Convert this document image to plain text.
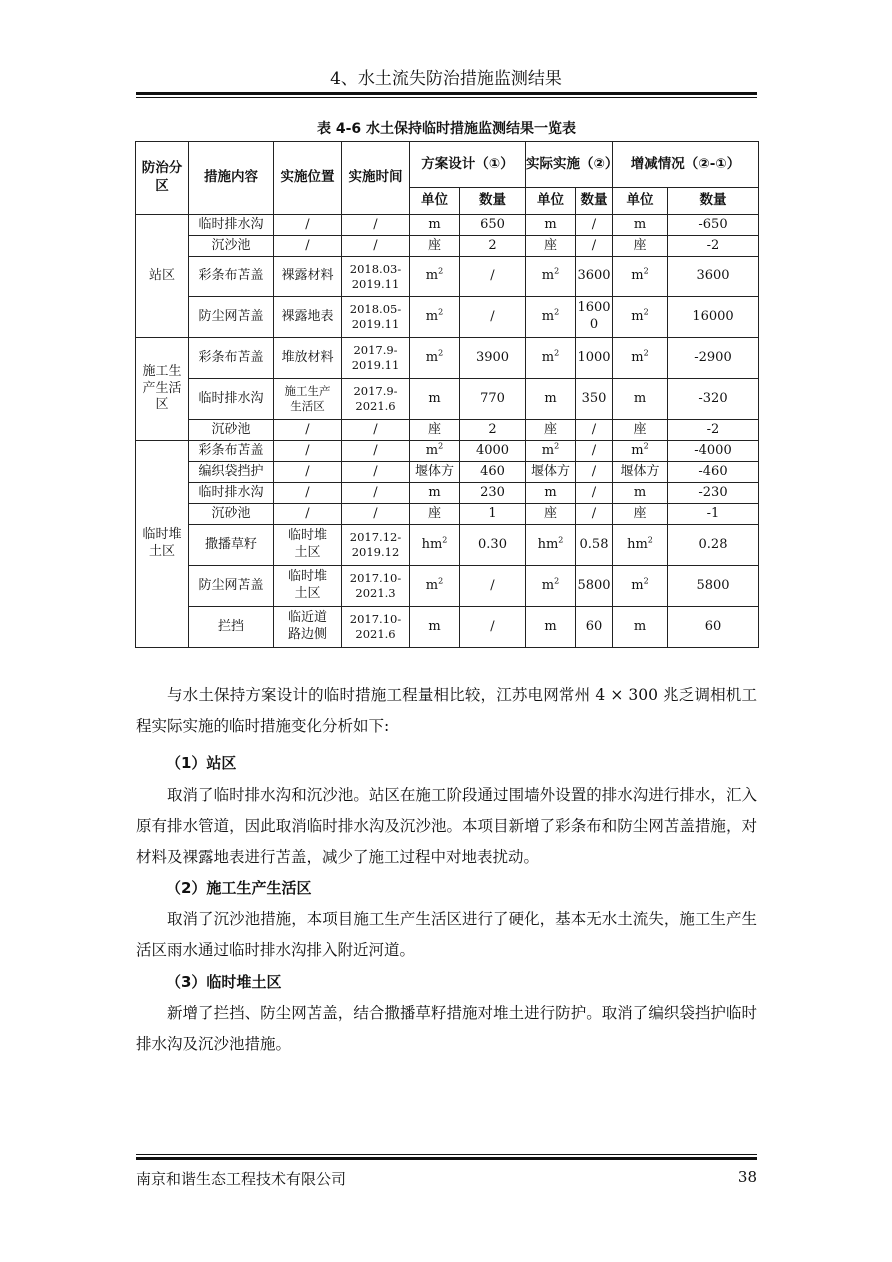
4、水土流失防治措施监测结果
表 4-6 水土保持临时措施监测结果一览表
防治分区	措施内容	实施位置	实施时间	方案设计（①）		实际实施（②）		增减情况（②-①）	
				单位	数量	单位	数量	单位	数量
站区	临时排水沟	/	/	m	650	m	/	m	-650
	沉沙池	/	/	座	2	座	/	座	-2
	彩条布苫盖	裸露材料	2018.03-2019.11	$m^2$	/	$m^2$	3600	$m^2$	3600
	防尘网苫盖	裸露地表	2018.05-2019.11	$m^2$	/	$m^2$	16000	$m^2$	16000
施工生产生活区	彩条布苫盖	堆放材料	2017.9-2019.11	$m^2$	3900	$m^2$	1000	$m^2$	-2900
	临时排水沟	施工生产生活区	2017.9-2021.6	m	770	m	350	m	-320
	沉砂池	/	/	座	2	座	/	座	-2
临时堆土区	彩条布苫盖	/	/	$m^2$	4000	$m^2$	/	$m^2$	-4000
	编织袋挡护	/	/	堰体方	460	堰体方	/	堰体方	-460
	临时排水沟	/	/	m	230	m	/	m	-230
	沉砂池	/	/	座	1	座	/	座	-1
	撒播草籽	临时堆土区	2017.12-2019.12	$hm^2$	0.30	$hm^2$	0.58	$hm^2$	0.28
	防尘网苫盖	临时堆土区	2017.10-2021.3	$m^2$	/	$m^2$	5800	$m^2$	5800
	拦挡	临近道路边侧	2017.10-2021.6	m	/	m	60	m	60
与水土保持方案设计的临时措施工程量相比较，江苏电网常州 4 × 300 兆乏调相机工程实际实施的临时措施变化分析如下:
（1）站区
取消了临时排水沟和沉沙池。站区在施工阶段通过围墙外设置的排水沟进行排水，汇入原有排水管道，因此取消临时排水沟及沉沙池。本项目新增了彩条布和防尘网苫盖措施，对材料及裸露地表进行苫盖，减少了施工过程中对地表扰动。
（2）施工生产生活区
取消了沉沙池措施，本项目施工生产生活区进行了硬化，基本无水土流失，施工生产生活区雨水通过临时排水沟排入附近河道。
（3）临时堆土区
新增了拦挡、防尘网苫盖，结合撒播草籽措施对堆土进行防护。取消了编织袋挡护临时排水沟及沉沙池措施。
南京和谐生态工程技术有限公司	38
